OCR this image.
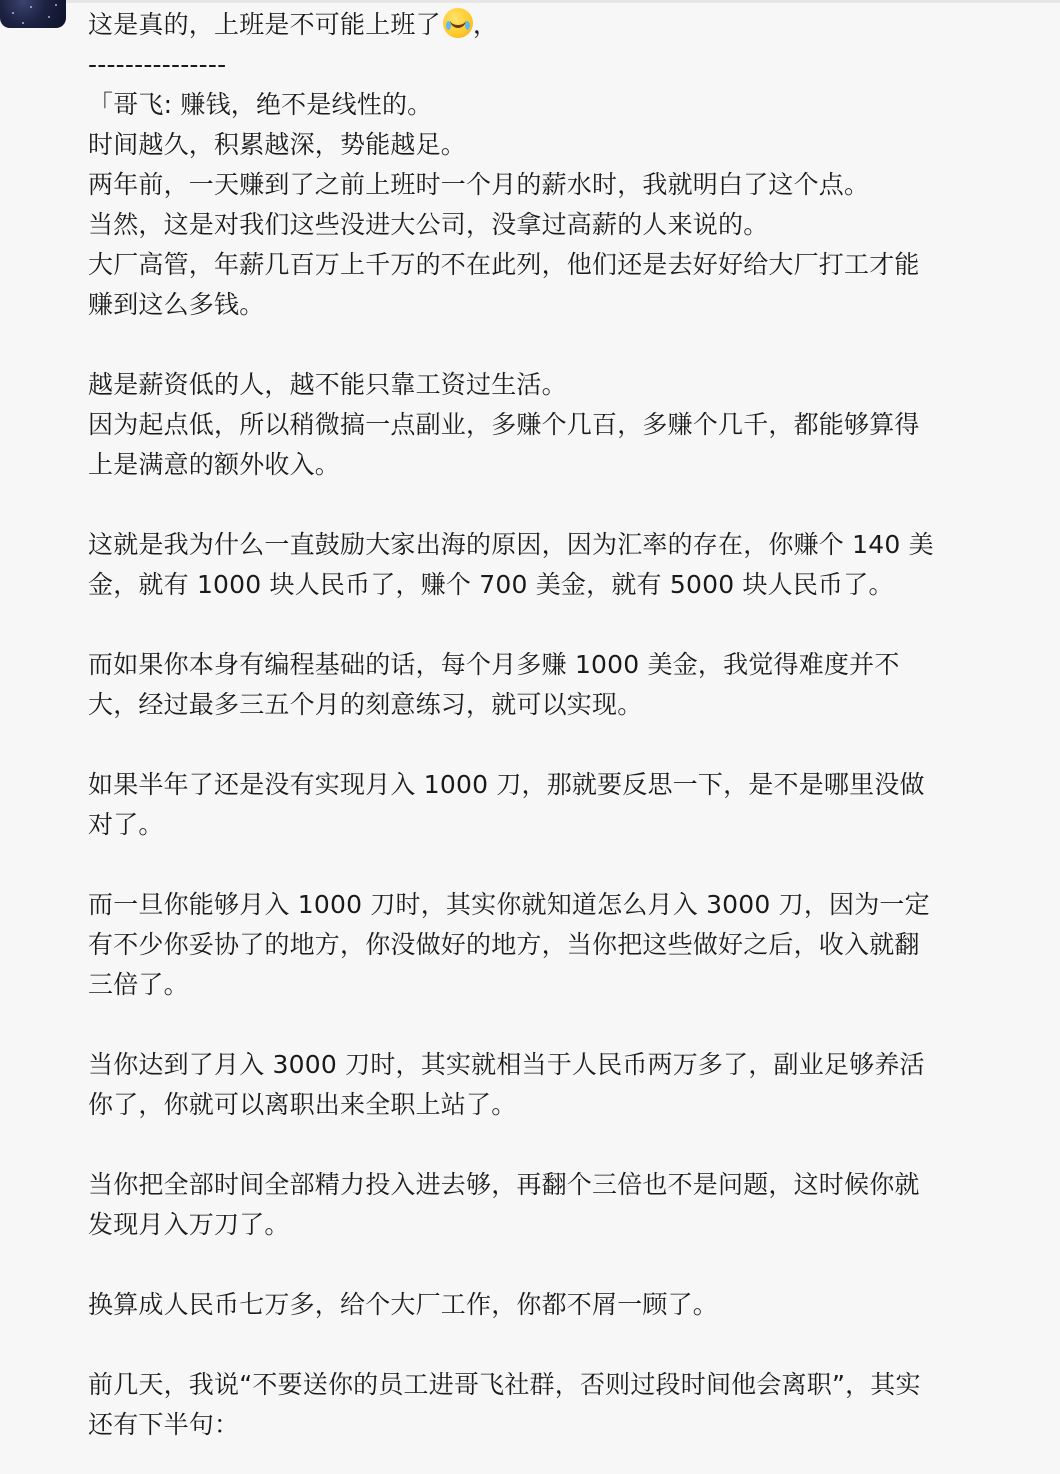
这是真的，上班是不可能上班了 ，
---------------
「哥飞: 赚钱，绝不是线性的。
时间越久，积累越深，势能越足。
两年前，一天赚到了之前上班时一个月的薪水时，我就明白了这个点。
当然，这是对我们这些没进大公司，没拿过高薪的人来说的。
大厂高管，年薪几百万上千万的不在此列，他们还是去好好给大厂打工才能
赚到这么多钱。
越是薪资低的人，越不能只靠工资过生活。
因为起点低，所以稍微搞一点副业，多赚个几百，多赚个几千，都能够算得
上是满意的额外收入。
这就是我为什么一直鼓励大家出海的原因，因为汇率的存在，你赚个 140 美
金，就有 1000 块人民币了，赚个 700 美金，就有 5000 块人民币了。
而如果你本身有编程基础的话，每个月多赚 1000 美金，我觉得难度并不
大，经过最多三五个月的刻意练习，就可以实现。
如果半年了还是没有实现月入 1000 刀，那就要反思一下，是不是哪里没做
对了。
而一旦你能够月入 1000 刀时，其实你就知道怎么月入 3000 刀，因为一定
有不少你妥协了的地方，你没做好的地方，当你把这些做好之后，收入就翻
三倍了。
当你达到了月入 3000 刀时，其实就相当于人民币两万多了，副业足够养活
你了，你就可以离职出来全职上站了。
当你把全部时间全部精力投入进去够，再翻个三倍也不是问题，这时候你就
发现月入万刀了。
换算成人民币七万多，给个大厂工作，你都不屑一顾了。
前几天，我说“不要送你的员工进哥飞社群，否则过段时间他会离职”，其实
还有下半句：
